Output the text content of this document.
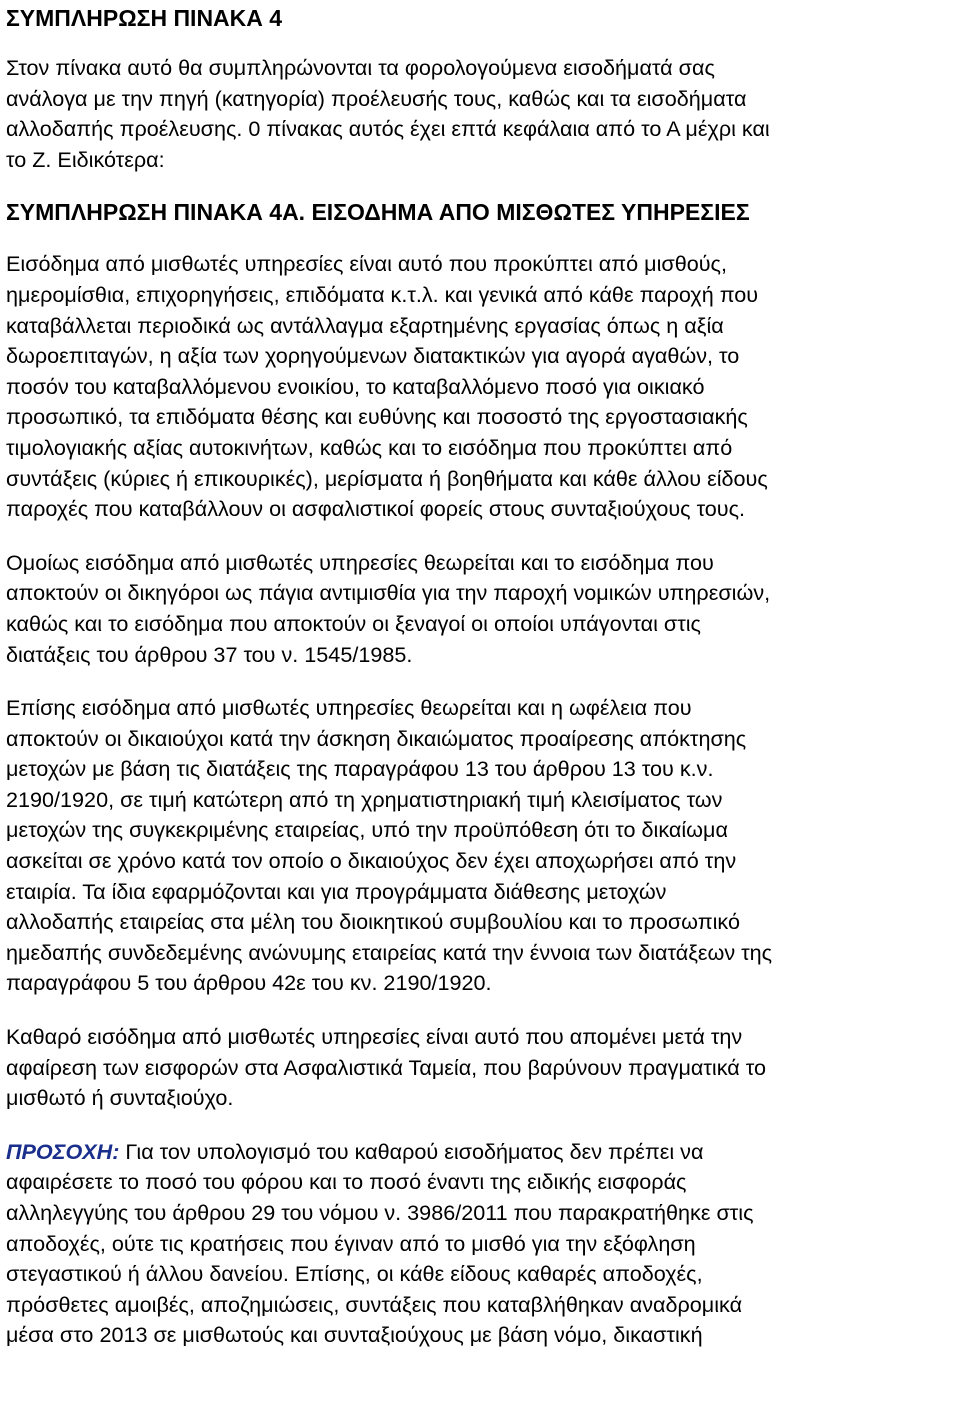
ΣΥΜΠΛΗΡΩΣΗ ΠΙΝΑΚΑ 4

Στον πίνακα αυτό θα συμπληρώνονται τα φορολογούμενα εισοδήματά σας
ανάλογα με την πηγή (κατηγορία) προέλευσής τους, καθώς και τα εισοδήματα
αλλοδαπής προέλευσης. 0 πίνακας αυτός έχει επτά κεφάλαια από το Α μέχρι και
το Ζ. Ειδικότερα:

ΣΥΜΠΛΗΡΩΣΗ ΠΙΝΑΚΑ 4Α. ΕΙΣΟΔΗΜΑ ΑΠΟ ΜΙΣΘΩΤΕΣ ΥΠΗΡΕΣΙΕΣ

Εισόδημα από μισθωτές υπηρεσίες είναι αυτό που προκύπτει από μισθούς,
ημερομίσθια, επιχορηγήσεις, επιδόματα κ.τ.λ. και γενικά από κάθε παροχή που
καταβάλλεται περιοδικά ως αντάλλαγμα εξαρτημένης εργασίας όπως η αξία
δωροεπιταγών, η αξία των χορηγούμενων διατακτικών για αγορά αγαθών, το
ποσόν του καταβαλλόμενου ενοικίου, το καταβαλλόμενο ποσό για οικιακό
προσωπικό, τα επιδόματα θέσης και ευθύνης και ποσοστό της εργοστασιακής
τιμολογιακής αξίας αυτοκινήτων, καθώς και το εισόδημα που προκύπτει από
συντάξεις (κύριες ή επικουρικές), μερίσματα ή βοηθήματα και κάθε άλλου είδους
παροχές που καταβάλλουν οι ασφαλιστικοί φορείς στους συνταξιούχους τους.

Ομοίως εισόδημα από μισθωτές υπηρεσίες θεωρείται και το εισόδημα που
αποκτούν οι δικηγόροι ως πάγια αντιμισθία για την παροχή νομικών υπηρεσιών,
καθώς και το εισόδημα που αποκτούν οι ξεναγοί οι οποίοι υπάγονται στις
διατάξεις του άρθρου 37 του ν. 1545/1985.

Επίσης εισόδημα από μισθωτές υπηρεσίες θεωρείται και η ωφέλεια που
αποκτούν οι δικαιούχοι κατά την άσκηση δικαιώματος προαίρεσης απόκτησης
μετοχών με βάση τις διατάξεις της παραγράφου 13 του άρθρου 13 του κ.ν.
2190/1920, σε τιμή κατώτερη από τη χρηματιστηριακή τιμή κλεισίματος των
μετοχών της συγκεκριμένης εταιρείας, υπό την προϋπόθεση ότι το δικαίωμα
ασκείται σε χρόνο κατά τον οποίο ο δικαιούχος δεν έχει αποχωρήσει από την
εταιρία. Τα ίδια εφαρμόζονται και για προγράμματα διάθεσης μετοχών
αλλοδαπής εταιρείας στα μέλη του διοικητικού συμβουλίου και το προσωπικό
ημεδαπής συνδεδεμένης ανώνυμης εταιρείας κατά την έννοια των διατάξεων της
παραγράφου 5 του άρθρου 42ε του κν. 2190/1920.

Καθαρό εισόδημα από μισθωτές υπηρεσίες είναι αυτό που απομένει μετά την
αφαίρεση των εισφορών στα Ασφαλιστικά Ταμεία, που βαρύνουν πραγματικά το
μισθωτό ή συνταξιούχο.

ΠΡΟΣΟΧΗ: Για τον υπολογισμό του καθαρού εισοδήματος δεν πρέπει να
αφαιρέσετε το ποσό του φόρου και το ποσό έναντι της ειδικής εισφοράς
αλληλεγγύης του άρθρου 29 του νόμου ν. 3986/2011 που παρακρατήθηκε στις
αποδοχές, ούτε τις κρατήσεις που έγιναν από το μισθό για την εξόφληση
στεγαστικού ή άλλου δανείου. Επίσης, οι κάθε είδους καθαρές αποδοχές,
πρόσθετες αμοιβές, αποζημιώσεις, συντάξεις που καταβλήθηκαν αναδρομικά
μέσα στο 2013 σε μισθωτούς και συνταξιούχους με βάση νόμο, δικαστική
